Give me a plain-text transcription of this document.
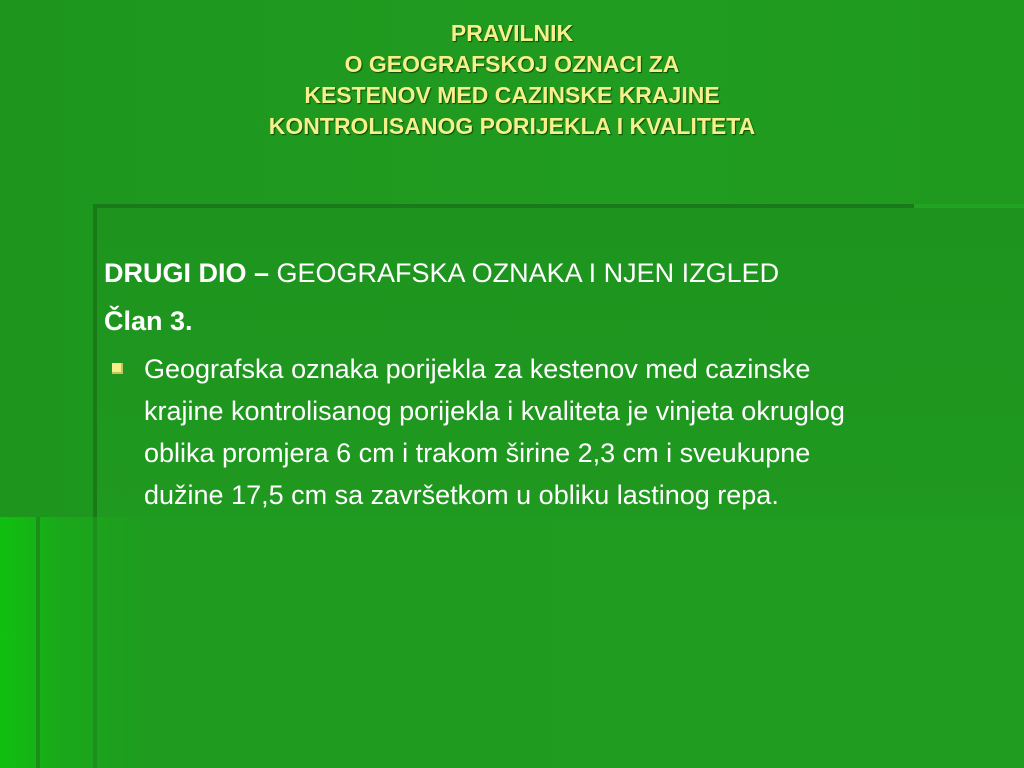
PRAVILNIK
O GEOGRAFSKOJ OZNACI ZA
KESTENOV MED CAZINSKE KRAJINE
KONTROLISANOG PORIJEKLA I KVALITETA

DRUGI DIO – GEOGRAFSKA OZNAKA I NJEN IZGLED

Član 3.

Geografska oznaka porijekla za kestenov med cazinske krajine kontrolisanog porijekla i kvaliteta je vinjeta okruglog oblika promjera 6 cm i trakom širine 2,3 cm i sveukupne dužine 17,5 cm sa završetkom u obliku lastinog repa.
